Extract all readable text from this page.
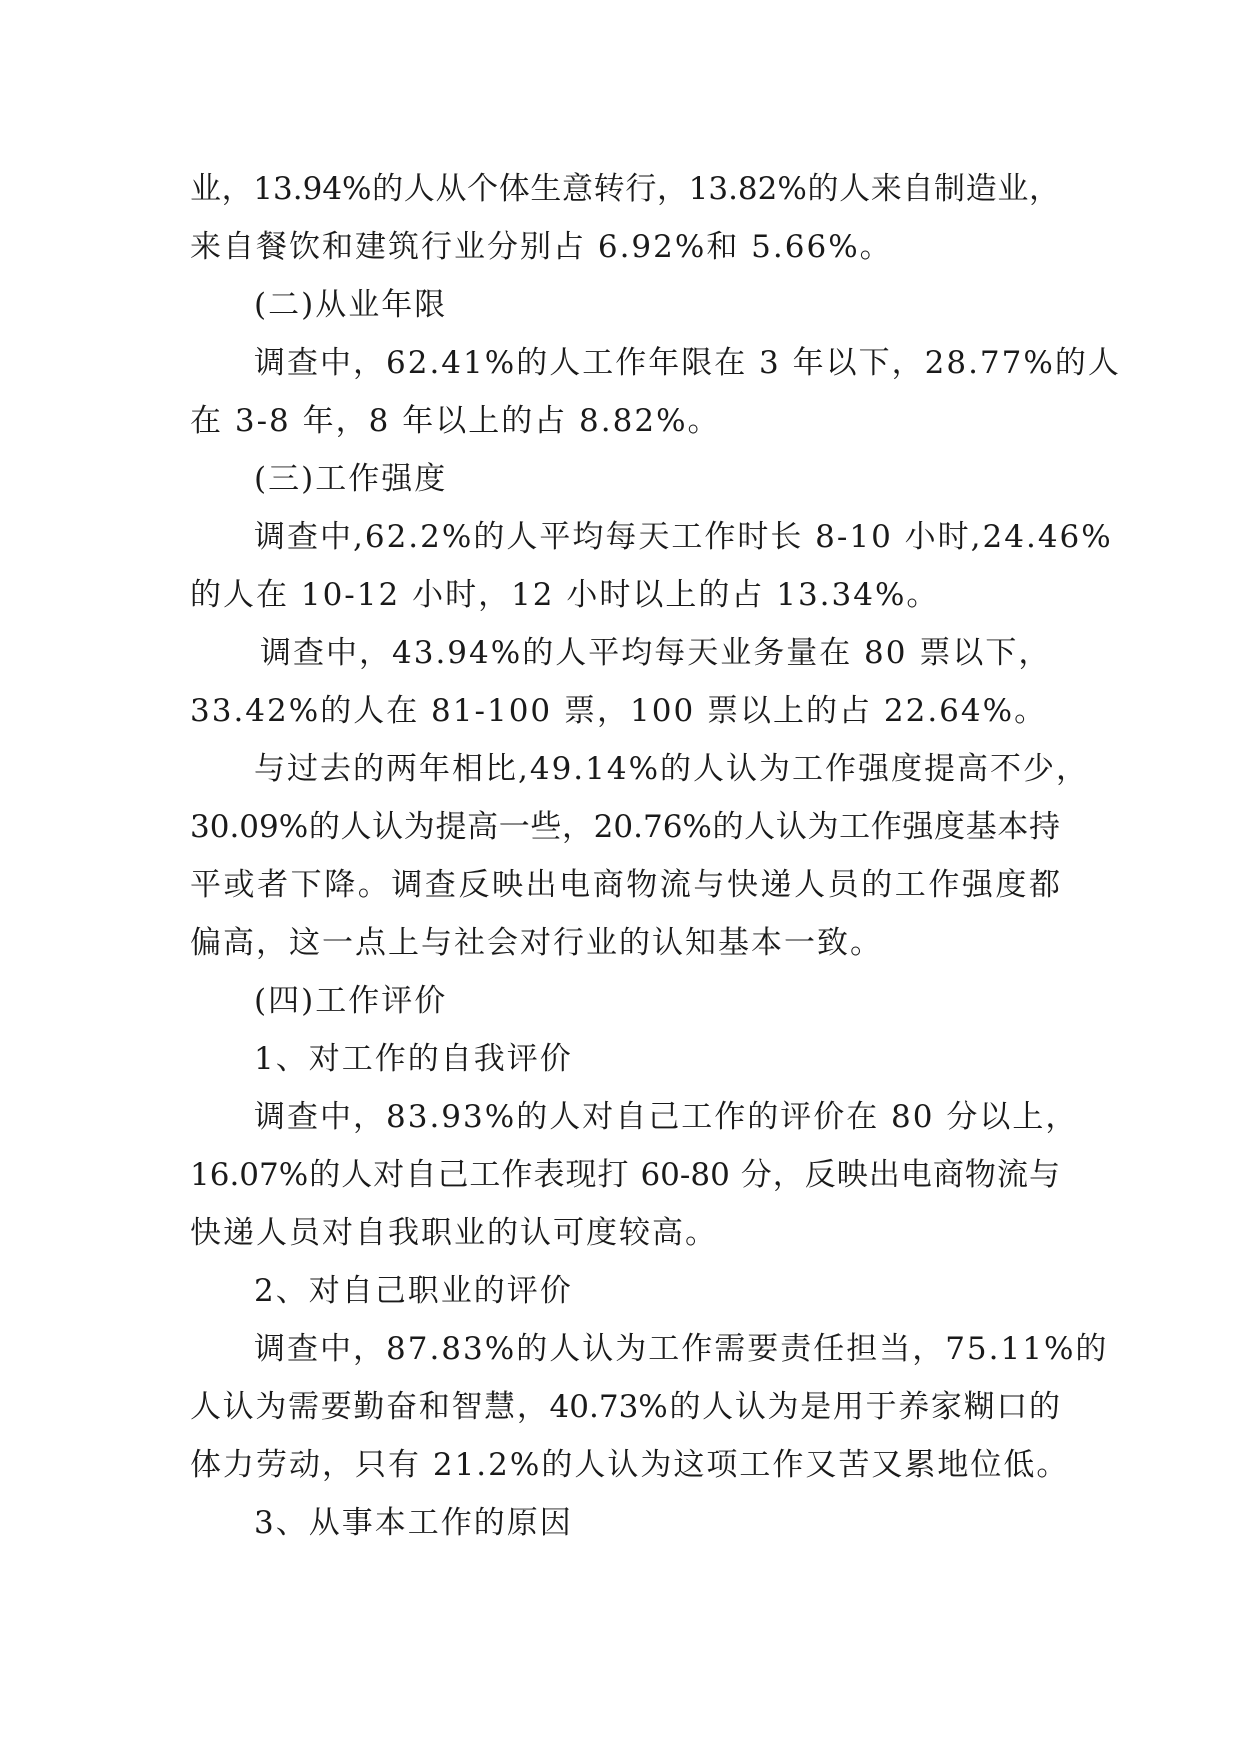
业，13.94%的人从个体生意转行，13.82%的人来自制造业，
来自餐饮和建筑行业分别占 6.92%和 5.66%。
(二)从业年限
调查中，62.41%的人工作年限在 3 年以下，28.77%的人
在 3-8 年，8 年以上的占 8.82%。
(三)工作强度
调查中,62.2%的人平均每天工作时长 8-10 小时,24.46%
的人在 10-12 小时，12 小时以上的占 13.34%。
调查中，43.94%的人平均每天业务量在 80 票以下，
33.42%的人在 81-100 票，100 票以上的占 22.64%。
与过去的两年相比,49.14%的人认为工作强度提高不少，
30.09%的人认为提高一些，20.76%的人认为工作强度基本持
平或者下降。调查反映出电商物流与快递人员的工作强度都
偏高，这一点上与社会对行业的认知基本一致。
(四)工作评价
1、对工作的自我评价
调查中，83.93%的人对自己工作的评价在 80 分以上，
16.07%的人对自己工作表现打 60-80 分，反映出电商物流与
快递人员对自我职业的认可度较高。
2、对自己职业的评价
调查中，87.83%的人认为工作需要责任担当，75.11%的
人认为需要勤奋和智慧，40.73%的人认为是用于养家糊口的
体力劳动，只有 21.2%的人认为这项工作又苦又累地位低。
3、从事本工作的原因
